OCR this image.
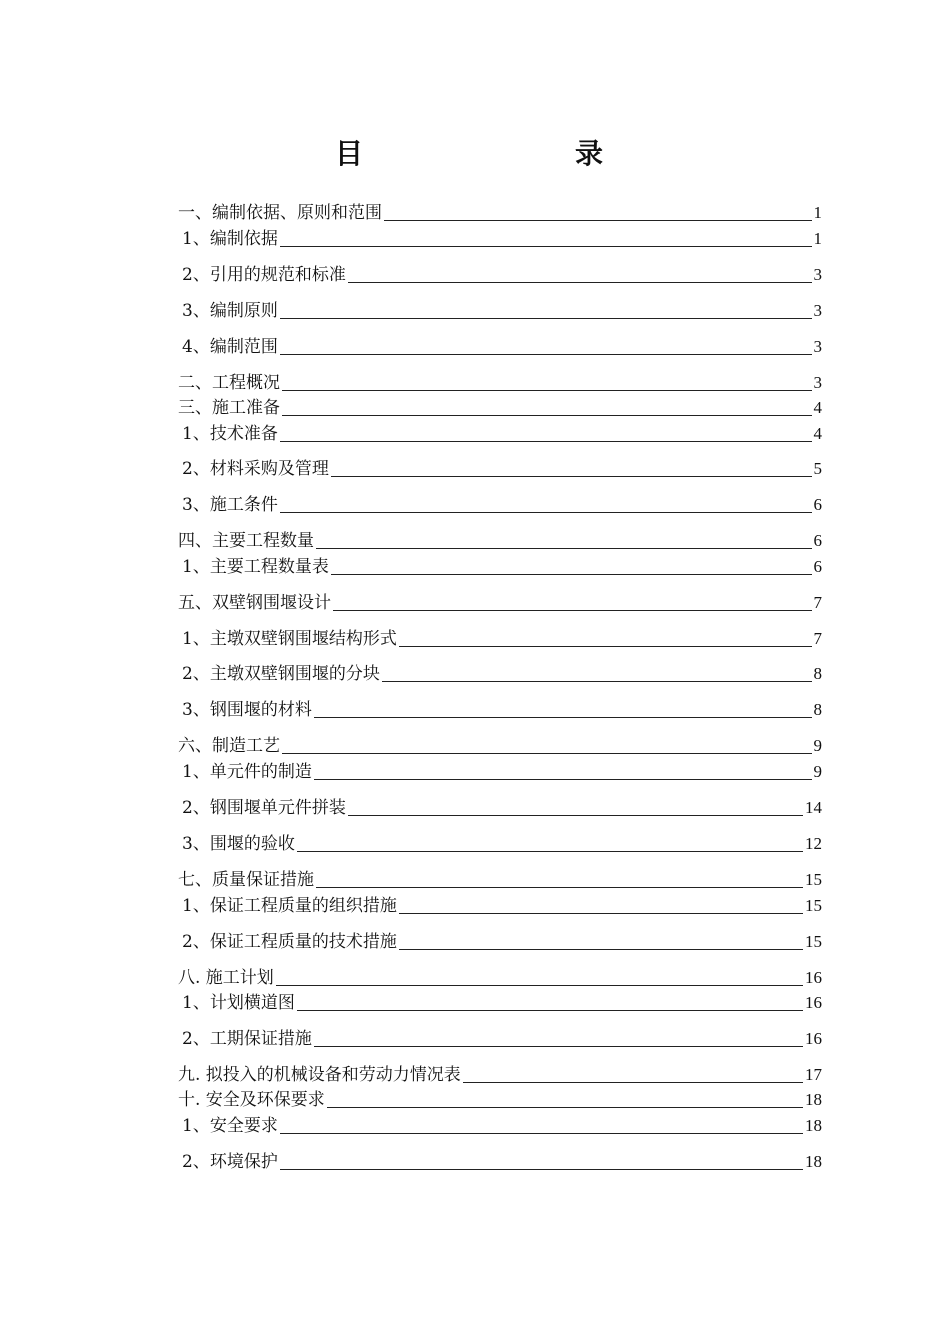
目　　录
一、编制依据、原则和范围	1
1、编制依据	1
2、引用的规范和标准	3
3、编制原则	3
4、编制范围	3
二、工程概况	3
三、施工准备	4
1、技术准备	4
2、材料采购及管理	5
3、施工条件	6
四、主要工程数量	6
1、主要工程数量表	6
五、双壁钢围堰设计	7
1、主墩双壁钢围堰结构形式	7
2、主墩双壁钢围堰的分块	8
3、钢围堰的材料	8
六、制造工艺	9
1、单元件的制造	9
2、钢围堰单元件拼装	14
3、围堰的验收	12
七、质量保证措施	15
1、保证工程质量的组织措施	15
2、保证工程质量的技术措施	15
八. 施工计划	16
1、计划横道图	16
2、工期保证措施	16
九. 拟投入的机械设备和劳动力情况表	17
十. 安全及环保要求	18
1、安全要求	18
2、环境保护	18
